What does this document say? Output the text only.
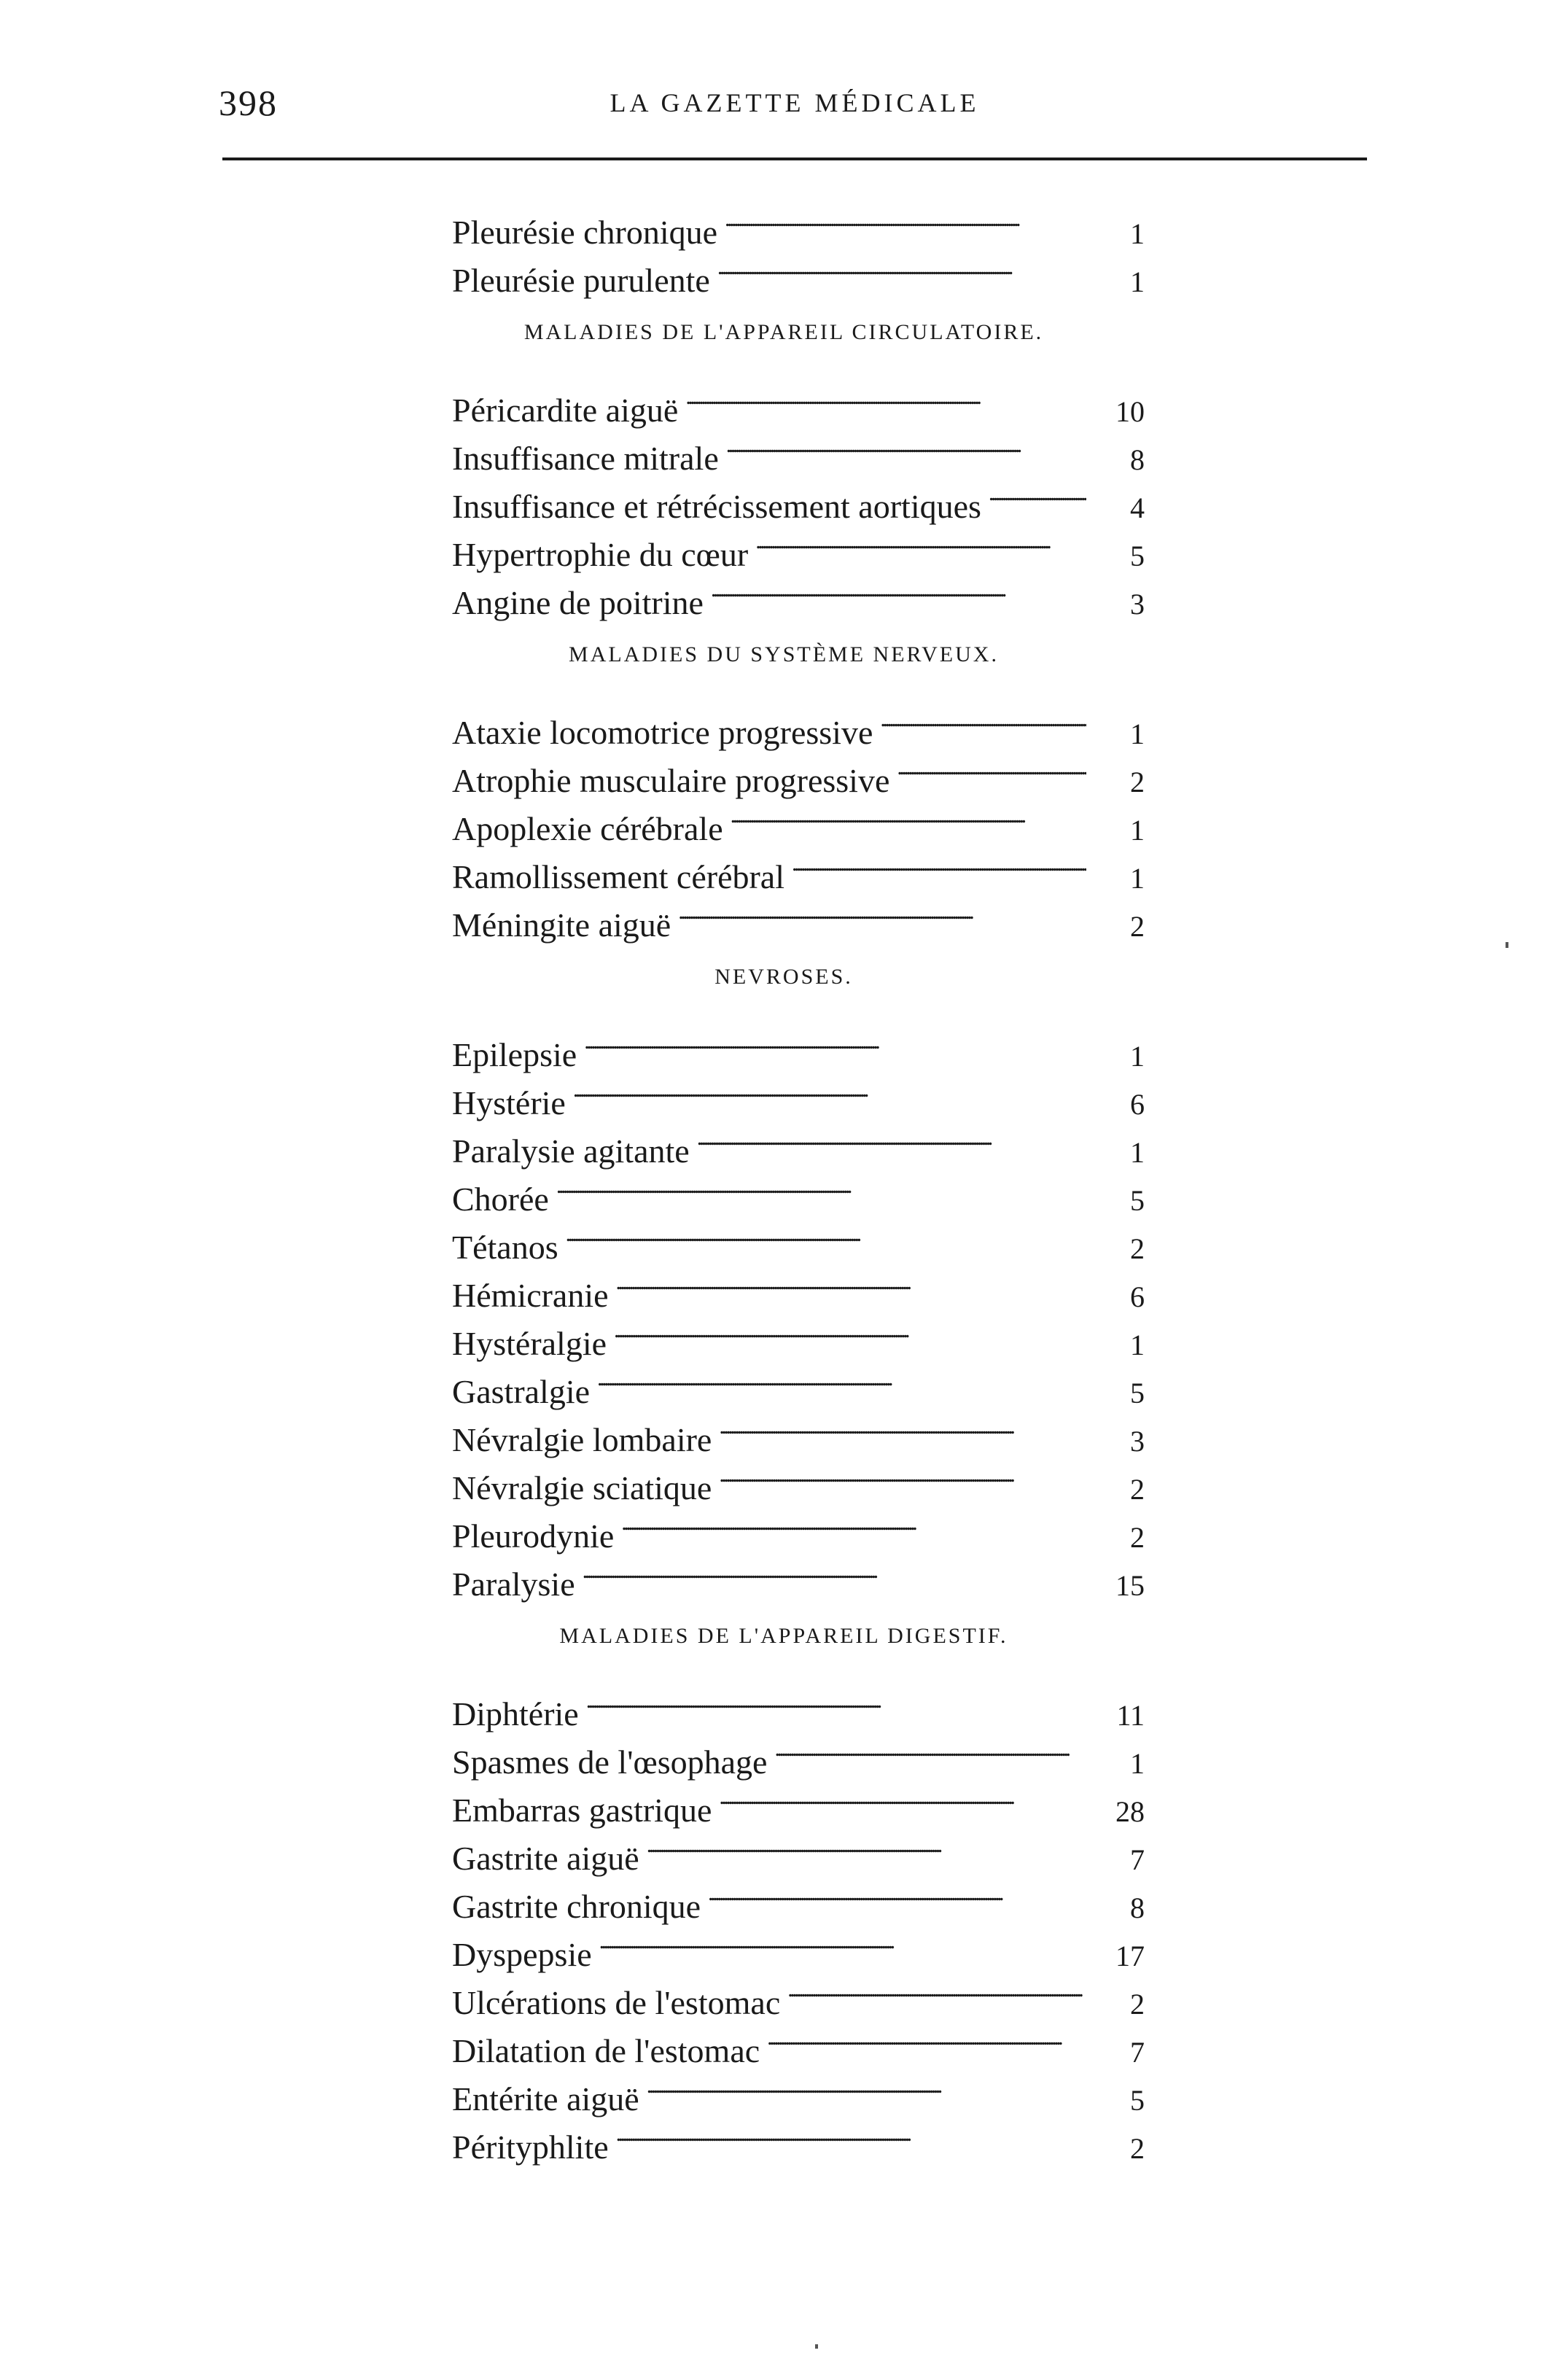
398	LA GAZETTE MÉDICALE
Pleurésie chronique . . .	1
Pleurésie purulente . . .	1
MALADIES DE L'APPAREIL CIRCULATOIRE.
Péricardite aiguë . . .	10
Insuffisance mitrale . . .	8
Insuffisance et rétrécissement aortiques . . .	4
Hypertrophie du cœur . . .	5
Angine de poitrine . . .	3
MALADIES DU SYSTÈME NERVEUX.
Ataxie locomotrice progressive . . .	1
Atrophie musculaire progressive . . .	2
Apoplexie cérébrale . . .	1
Ramollissement cérébral . . .	1
Méningite aiguë . . .	2
NEVROSES.
Epilepsie . . .	1
Hystérie . . .	6
Paralysie agitante . . .	1
Chorée . . .	5
Tétanos . . .	2
Hémicranie . . .	6
Hystéralgie . . .	1
Gastralgie . . .	5
Névralgie lombaire . . .	3
Névralgie sciatique . . .	2
Pleurodynie . . .	2
Paralysie . . .	15
MALADIES DE L'APPAREIL DIGESTIF.
Diphtérie . . .	11
Spasmes de l'œsophage . . .	1
Embarras gastrique . . .	28
Gastrite aiguë . . .	7
Gastrite chronique . . .	8
Dyspepsie . . .	17
Ulcérations de l'estomac . . .	2
Dilatation de l'estomac . . .	7
Entérite aiguë . . .	5
Pérityphlite . . .	2
